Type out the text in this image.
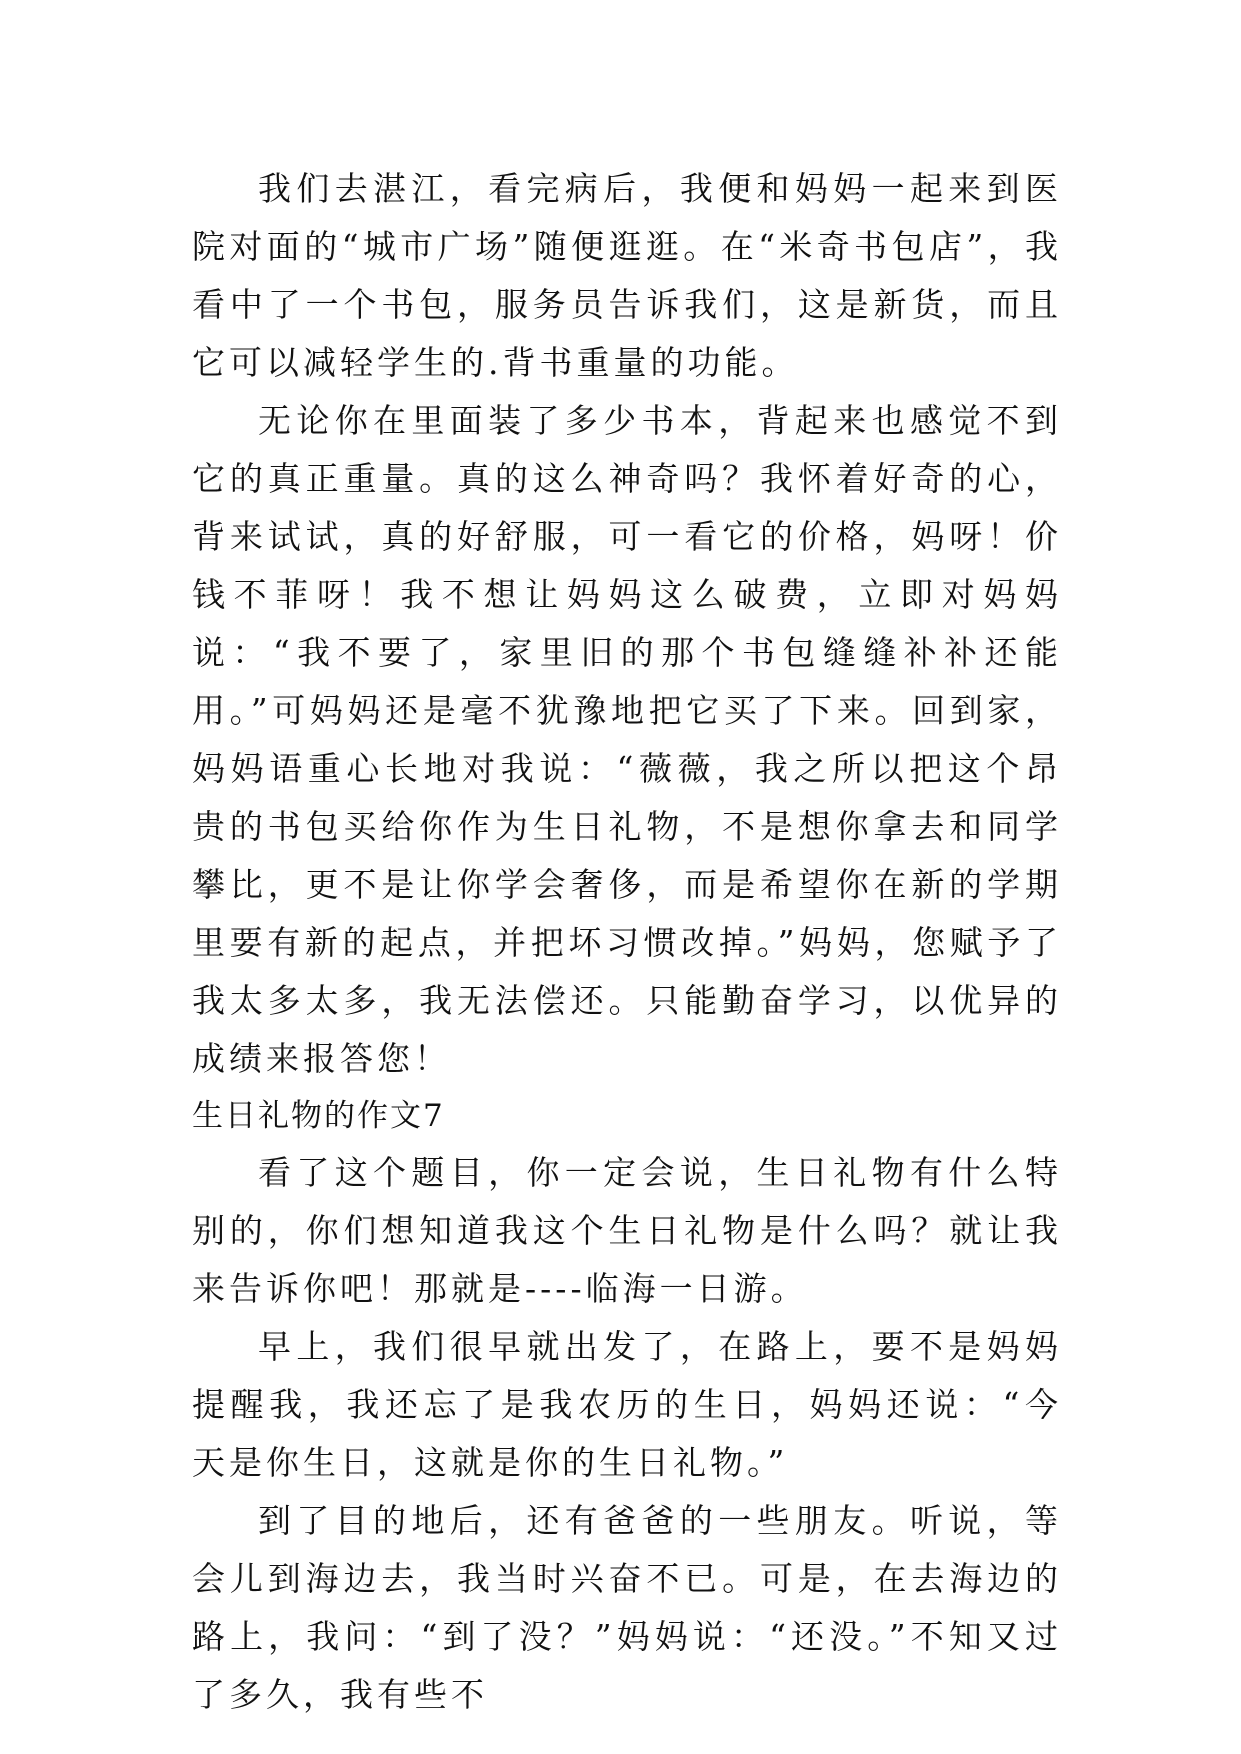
我们去湛江，看完病后，我便和妈妈一起来到医院对面的“城市广场”随便逛逛。在“米奇书包店”，我看中了一个书包，服务员告诉我们，这是新货，而且它可以减轻学生的.背书重量的功能。

无论你在里面装了多少书本，背起来也感觉不到它的真正重量。真的这么神奇吗？我怀着好奇的心，背来试试，真的好舒服，可一看它的价格，妈呀！价钱不菲呀！我不想让妈妈这么破费，立即对妈妈说：“我不要了，家里旧的那个书包缝缝补补还能用。”可妈妈还是毫不犹豫地把它买了下来。回到家，妈妈语重心长地对我说：“薇薇，我之所以把这个昂贵的书包买给你作为生日礼物，不是想你拿去和同学攀比，更不是让你学会奢侈，而是希望你在新的学期里要有新的起点，并把坏习惯改掉。”妈妈，您赋予了我太多太多，我无法偿还。只能勤奋学习，以优异的成绩来报答您！

生日礼物的作文7

看了这个题目，你一定会说，生日礼物有什么特别的，你们想知道我这个生日礼物是什么吗？就让我来告诉你吧！那就是----临海一日游。

早上，我们很早就出发了，在路上，要不是妈妈提醒我，我还忘了是我农历的生日，妈妈还说：“今天是你生日，这就是你的生日礼物。”

到了目的地后，还有爸爸的一些朋友。听说，等会儿到海边去，我当时兴奋不已。可是，在去海边的路上，我问：“到了没？”妈妈说：“还没。”不知又过了多久，我有些不
